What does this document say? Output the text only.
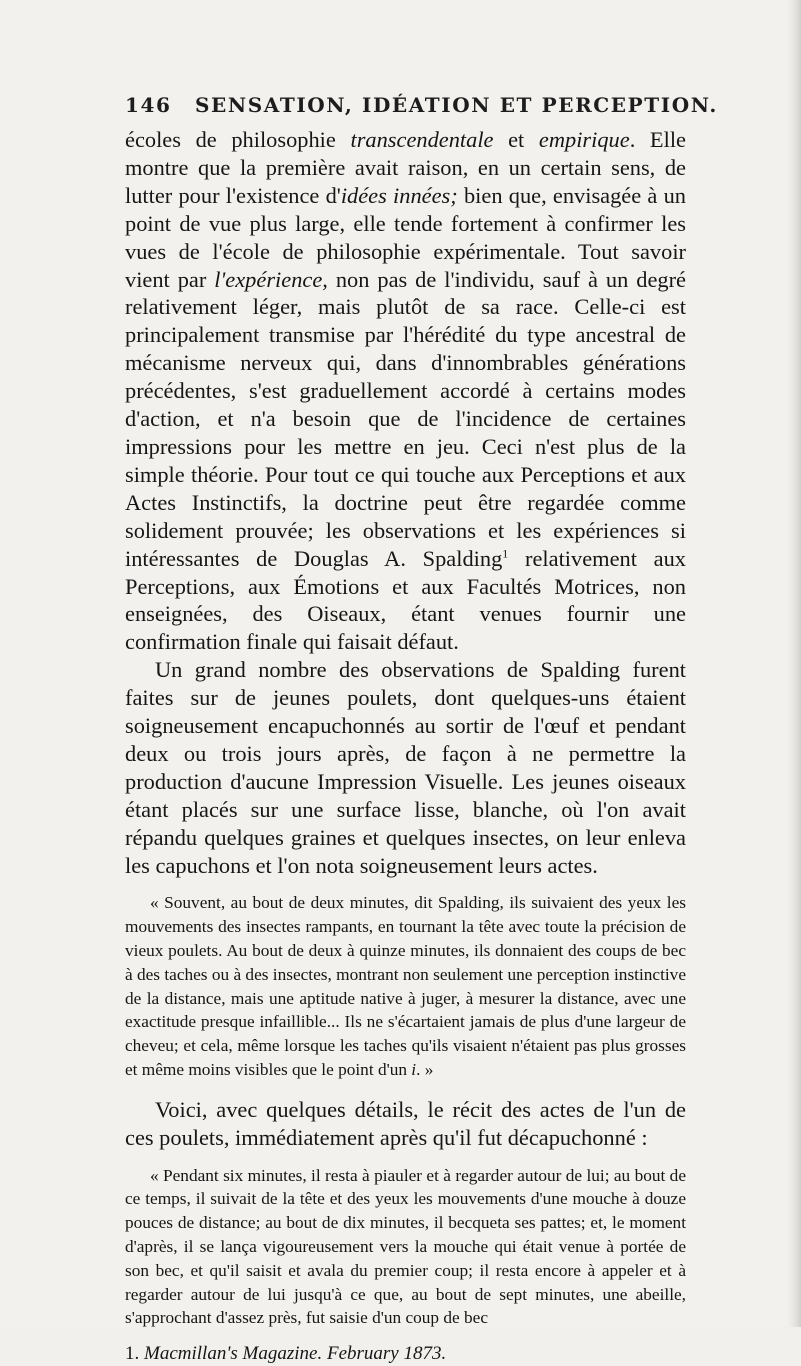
146 SENSATION, IDÉATION ET PERCEPTION.

écoles de philosophie transcendentale et empirique. Elle montre que la première avait raison, en un certain sens, de lutter pour l'existence d'idées innées; bien que, envisagée à un point de vue plus large, elle tende fortement à confirmer les vues de l'école de philosophie expérimentale. Tout savoir vient par l'expérience, non pas de l'individu, sauf à un degré relativement léger, mais plutôt de sa race. Celle-ci est principalement transmise par l'hérédité du type ancestral de mécanisme nerveux qui, dans d'innombrables générations précédentes, s'est graduellement accordé à certains modes d'action, et n'a besoin que de l'incidence de certaines impressions pour les mettre en jeu. Ceci n'est plus de la simple théorie. Pour tout ce qui touche aux Perceptions et aux Actes Instinctifs, la doctrine peut être regardée comme solidement prouvée; les observations et les expériences si intéressantes de Douglas A. Spalding$^1$ relativement aux Perceptions, aux Émotions et aux Facultés Motrices, non enseignées, des Oiseaux, étant venues fournir une confirmation finale qui faisait défaut.

Un grand nombre des observations de Spalding furent faites sur de jeunes poulets, dont quelques-uns étaient soigneusement encapuchonnés au sortir de l'œuf et pendant deux ou trois jours après, de façon à ne permettre la production d'aucune Impression Visuelle. Les jeunes oiseaux étant placés sur une surface lisse, blanche, où l'on avait répandu quelques graines et quelques insectes, on leur enleva les capuchons et l'on nota soigneusement leurs actes.

« Souvent, au bout de deux minutes, dit Spalding, ils suivaient des yeux les mouvements des insectes rampants, en tournant la tête avec toute la précision de vieux poulets. Au bout de deux à quinze minutes, ils donnaient des coups de bec à des taches ou à des insectes, montrant non seulement une perception instinctive de la distance, mais une aptitude native à juger, à mesurer la distance, avec une exactitude presque infaillible... Ils ne s'écartaient jamais de plus d'une largeur de cheveu; et cela, même lorsque les taches qu'ils visaient n'étaient pas plus grosses et même moins visibles que le point d'un i. »

Voici, avec quelques détails, le récit des actes de l'un de ces poulets, immédiatement après qu'il fut décapuchonné :

« Pendant six minutes, il resta à piauler et à regarder autour de lui; au bout de ce temps, il suivait de la tête et des yeux les mouvements d'une mouche à douze pouces de distance; au bout de dix minutes, il becqueta ses pattes; et, le moment d'après, il se lança vigoureusement vers la mouche qui était venue à portée de son bec, et qu'il saisit et avala du premier coup; il resta encore à appeler et à regarder autour de lui jusqu'à ce que, au bout de sept minutes, une abeille, s'approchant d'assez près, fut saisie d'un coup de bec

1. Macmillan's Magazine. February 1873.
